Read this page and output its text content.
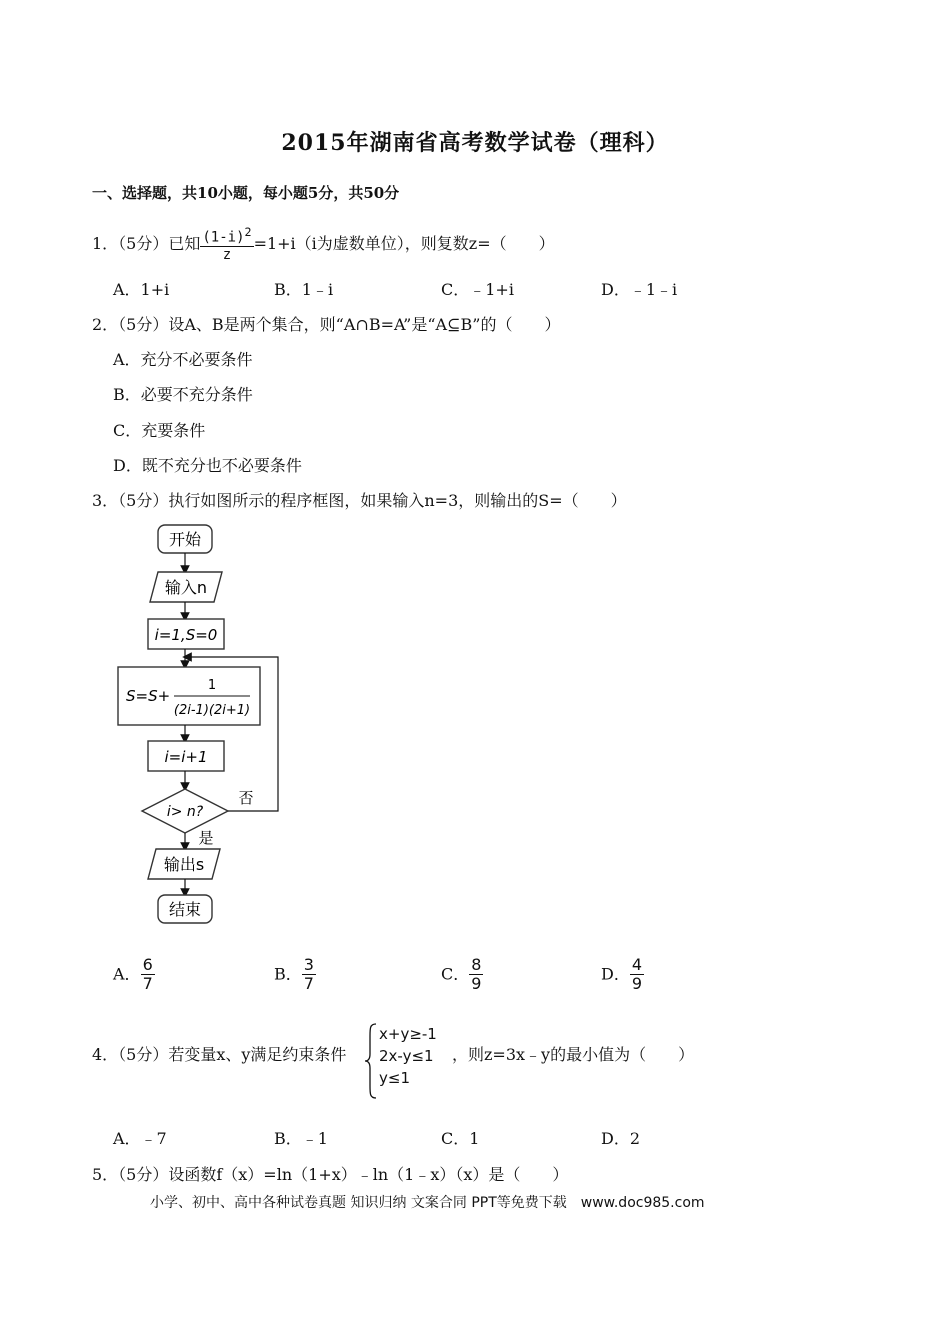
2015年湖南省高考数学试卷（理科）
一、选择题，共10小题，每小题5分，共50分
1．（5分）已知 $\frac{(1-i)^2}{z} =1+i(i$为虚数单位），则复数z=（　　）
A．1+i	B．1﹣i	C．﹣1+i	D．﹣1﹣i
2．（5分）设A、B是两个集合，则“A∩B=A”是“A⊆B”的（　　）
A．充分不必要条件
B．必要不充分条件
C．充要条件
D．既不充分也不必要条件
3．（5分）执行如图所示的程序框图，如果输入n=3，则输出的S=（　　）
开始
输入n
i=1,S=0
S=S+
1
(2i-1)(2i+1)
i=i+1
i> n?
否
是
输出s
结束
A． $\frac{6}{7}$	B． $\frac{3}{7}$	C． $\frac{8}{9}$	D． $\frac{4}{9}$
4．（5分）若变量x、y满足约束条件
x+y≥-1
2x-y≤1
y≤1
，则z=3x﹣y的最小值为（　　）
A．﹣7	B．﹣1	C．1	D．2
5．（5分）设函数f（x）=ln（1+x）﹣ln（1﹣x）（x）是（　　）
小学、初中、高中各种试卷真题 知识归纳 文案合同 PPT等免费下载　www.doc985.com
